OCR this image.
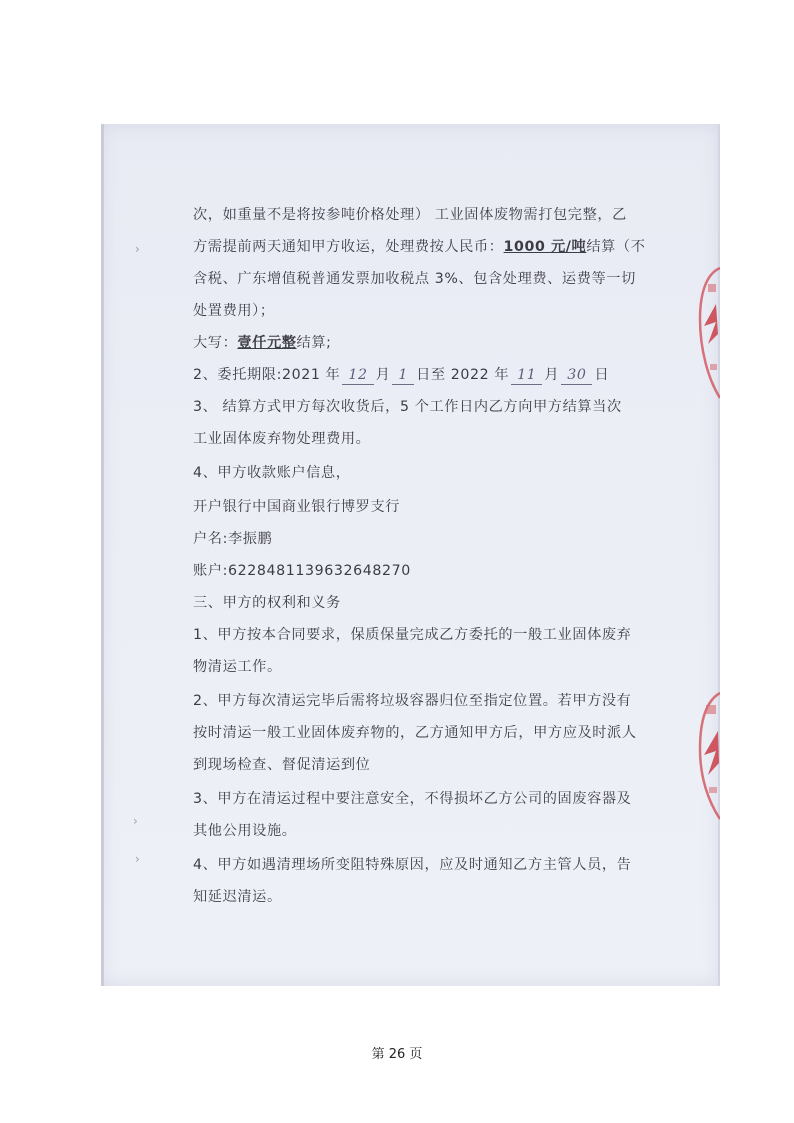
›
›
›
次，如重量不是将按参吨价格处理） 工业固体废物需打包完整，乙
方需提前两天通知甲方收运，处理费按人民币：1000 元/吨结算（不
含税、广东增值税普通发票加收税点 3%、包含处理费、运费等一切
处置费用）；
大写：壹仟元整结算;
2、委托期限:2021 年 12 月 1 日至 2022 年 11 月 30 日
3、 结算方式甲方每次收货后，5 个工作日内乙方向甲方结算当次
工业固体废弃物处理费用。
4、甲方收款账户信息，
开户银行中国商业银行博罗支行
户名:李振鹏
账户:6228481139632648270
三、甲方的权利和义务
1、甲方按本合同要求，保质保量完成乙方委托的一般工业固体废弃
物清运工作。
2、甲方每次清运完毕后需将垃圾容器归位至指定位置。若甲方没有
按时清运一般工业固体废弃物的，乙方通知甲方后，甲方应及时派人
到现场检查、督促清运到位
3、甲方在清运过程中要注意安全，不得损坏乙方公司的固废容器及
其他公用设施。
4、甲方如遇清理场所变阻特殊原因，应及时通知乙方主管人员，告
知延迟清运。
第 26 页
